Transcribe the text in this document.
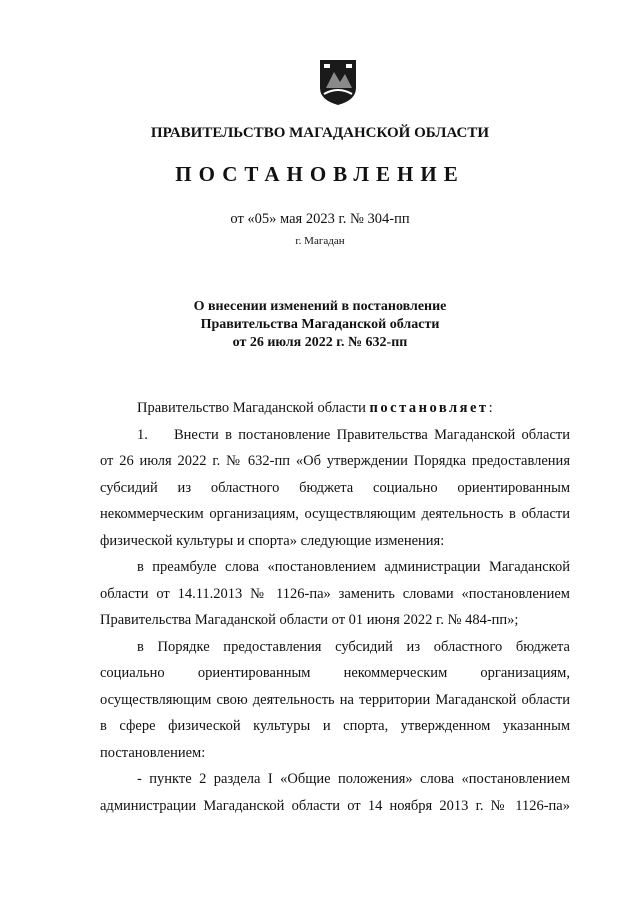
ПРАВИТЕЛЬСТВО МАГАДАНСКОЙ ОБЛАСТИ
ПОСТАНОВЛЕНИЕ
от «05» мая 2023 г. № 304-пп
г. Магадан
О внесении изменений в постановление
Правительства Магаданской области
от 26 июля 2022 г. № 632-пп
Правительство Магаданской области постановляет:
1. Внести в постановление Правительства Магаданской области
от 26 июля 2022 г. № 632-пп «Об утверждении Порядка предоставления
субсидий из областного бюджета социально ориентированным
некоммерческим организациям, осуществляющим деятельность в области
физической культуры и спорта» следующие изменения:
в преамбуле слова «постановлением администрации Магаданской
области от 14.11.2013 № 1126-па» заменить словами «постановлением
Правительства Магаданской области от 01 июня 2022 г. № 484-пп»;
в Порядке предоставления субсидий из областного бюджета
социально ориентированным некоммерческим организациям,
осуществляющим свою деятельность на территории Магаданской области
в сфере физической культуры и спорта, утвержденном указанным
постановлением:
- пункте 2 раздела I «Общие положения» слова «постановлением
администрации Магаданской области от 14 ноября 2013 г. № 1126-па»
